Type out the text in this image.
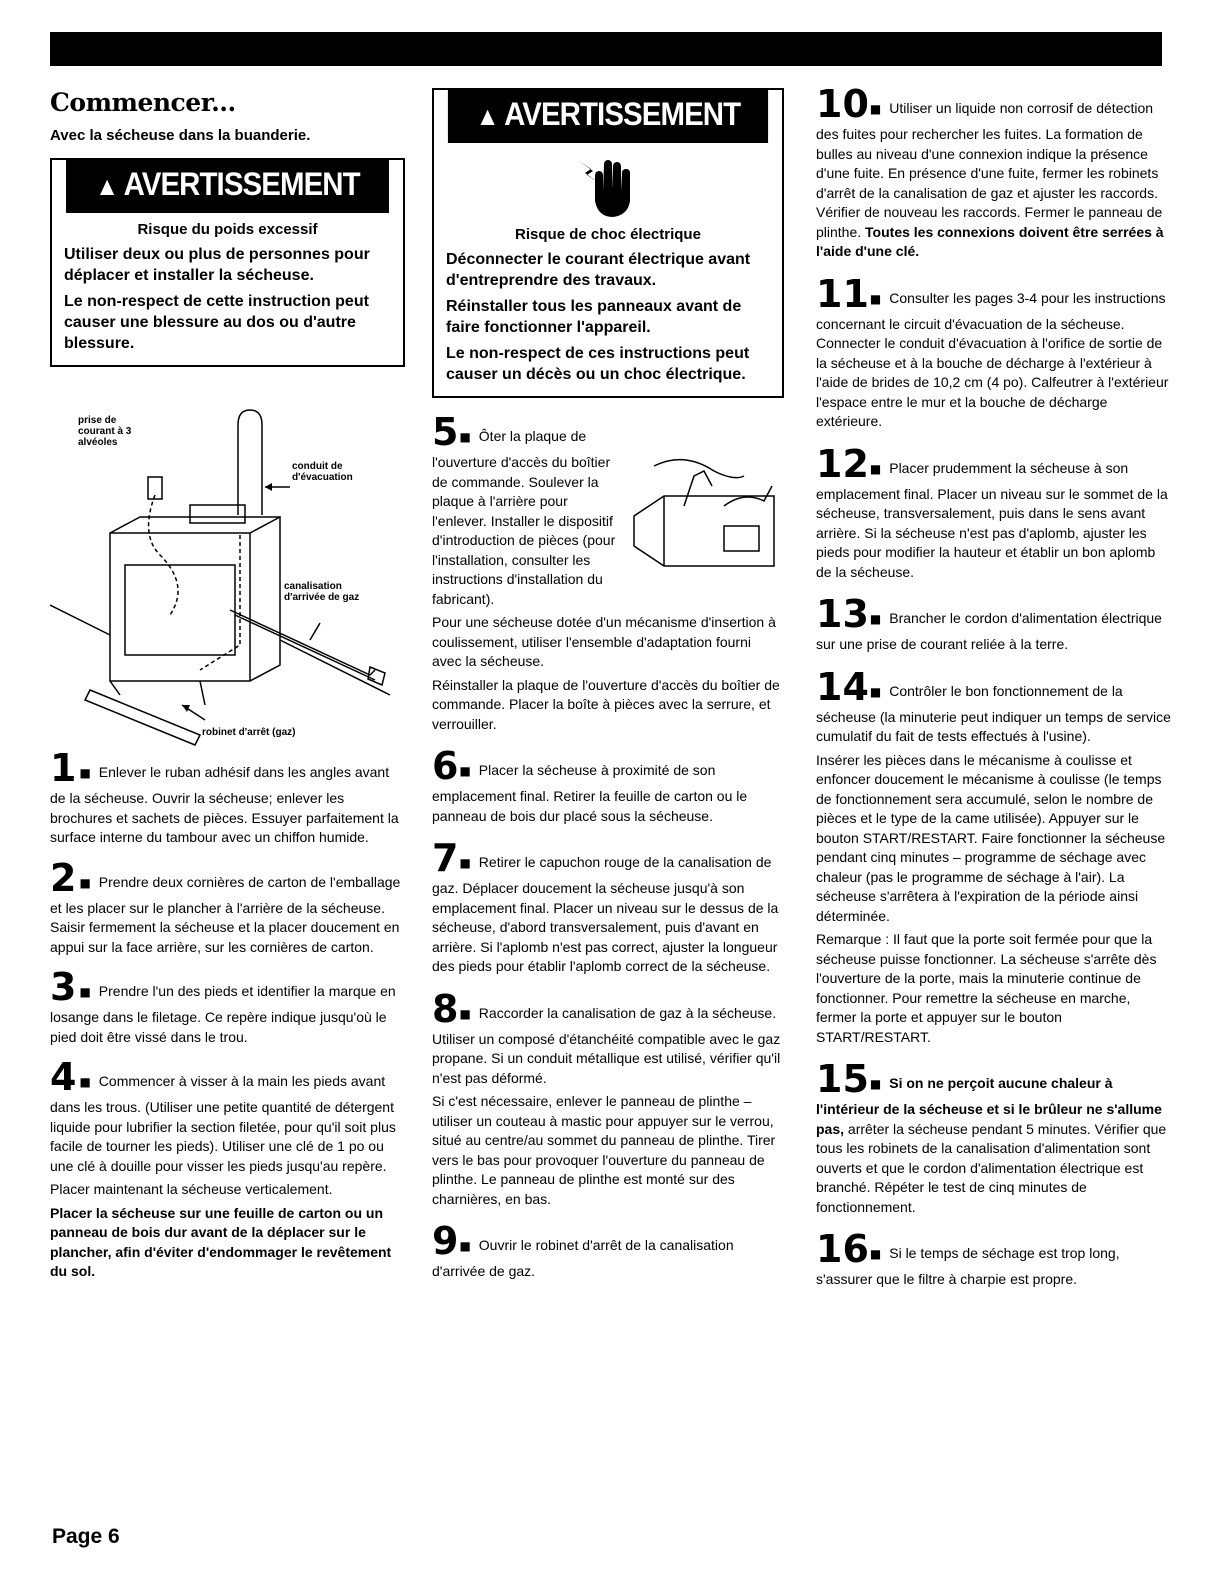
Commencer...
Avec la sécheuse dans la buanderie.
▲ AVERTISSEMENT
Risque du poids excessif
Utiliser deux ou plus de personnes pour déplacer et installer la sécheuse.
Le non-respect de cette instruction peut causer une blessure au dos ou d'autre blessure.
prise de courant à 3 alvéoles
conduit de d'évacuation
canalisation d'arrivée de gaz
robinet d'arrêt (gaz)

1 ■ Enlever le ruban adhésif dans les angles avant de la sécheuse. Ouvrir la sécheuse; enlever les brochures et sachets de pièces. Essuyer parfaitement la surface interne du tambour avec un chiffon humide.

2 ■ Prendre deux cornières de carton de l'emballage et les placer sur le plancher à l'arrière de la sécheuse. Saisir fermement la sécheuse et la placer doucement en appui sur la face arrière, sur les cornières de carton.

3 ■ Prendre l'un des pieds et identifier la marque en losange dans le filetage. Ce repère indique jusqu'où le pied doit être vissé dans le trou.

4 ■ Commencer à visser à la main les pieds avant dans les trous. (Utiliser une petite quantité de détergent liquide pour lubrifier la section filetée, pour qu'il soit plus facile de tourner les pieds). Utiliser une clé de 1 po ou une clé à douille pour visser les pieds jusqu'au repère.

Placer maintenant la sécheuse verticalement.

Placer la sécheuse sur une feuille de carton ou un panneau de bois dur avant de la déplacer sur le plancher, afin d'éviter d'endommager le revêtement du sol.

▲ AVERTISSEMENT
Risque de choc électrique
Déconnecter le courant électrique avant d'entreprendre des travaux.
Réinstaller tous les panneaux avant de faire fonctionner l'appareil.
Le non-respect de ces instructions peut causer un décès ou un choc électrique.

5■ Ôter la plaque de l'ouverture d'accès du boîtier de commande. Soulever la plaque à l'arrière pour l'enlever. Installer le dispositif d'introduction de pièces (pour l'installation, consulter les instructions d'installation du fabricant).

Pour une sécheuse dotée d'un mécanisme d'insertion à coulissement, utiliser l'ensemble d'adaptation fourni avec la sécheuse.

Réinstaller la plaque de l'ouverture d'accès du boîtier de commande. Placer la boîte à pièces avec la serrure, et verrouiller.

6■ Placer la sécheuse à proximité de son emplacement final. Retirer la feuille de carton ou le panneau de bois dur placé sous la sécheuse.

7■ Retirer le capuchon rouge de la canalisation de gaz. Déplacer doucement la sécheuse jusqu'à son emplacement final. Placer un niveau sur le dessus de la sécheuse, d'abord transversalement, puis d'avant en arrière. Si l'aplomb n'est pas correct, ajuster la longueur des pieds pour établir l'aplomb correct de la sécheuse.

8■ Raccorder la canalisation de gaz à la sécheuse. Utiliser un composé d'étanchéité compatible avec le gaz propane. Si un conduit métallique est utilisé, vérifier qu'il n'est pas déformé.

Si c'est nécessaire, enlever le panneau de plinthe – utiliser un couteau à mastic pour appuyer sur le verrou, situé au centre/au sommet du panneau de plinthe. Tirer vers le bas pour provoquer l'ouverture du panneau de plinthe. Le panneau de plinthe est monté sur des charnières, en bas.

9■ Ouvrir le robinet d'arrêt de la canalisation d'arrivée de gaz.

10■ Utiliser un liquide non corrosif de détection des fuites pour rechercher les fuites. La formation de bulles au niveau d'une connexion indique la présence d'une fuite. En présence d'une fuite, fermer les robinets d'arrêt de la canalisation de gaz et ajuster les raccords. Vérifier de nouveau les raccords. Fermer le panneau de plinthe. Toutes les connexions doivent être serrées à l'aide d'une clé.

11■ Consulter les pages 3-4 pour les instructions concernant le circuit d'évacuation de la sécheuse. Connecter le conduit d'évacuation à l'orifice de sortie de la sécheuse et à la bouche de décharge à l'extérieur à l'aide de brides de 10,2 cm (4 po). Calfeutrer à l'extérieur l'espace entre le mur et la bouche de décharge extérieure.

12■ Placer prudemment la sécheuse à son emplacement final. Placer un niveau sur le sommet de la sécheuse, transversalement, puis dans le sens avant arrière. Si la sécheuse n'est pas d'aplomb, ajuster les pieds pour modifier la hauteur et établir un bon aplomb de la sécheuse.

13■ Brancher le cordon d'alimentation électrique sur une prise de courant reliée à la terre.

14■ Contrôler le bon fonctionnement de la sécheuse (la minuterie peut indiquer un temps de service cumulatif du fait de tests effectués à l'usine).

Insérer les pièces dans le mécanisme à coulisse et enfoncer doucement le mécanisme à coulisse (le temps de fonctionnement sera accumulé, selon le nombre de pièces et le type de la came utilisée). Appuyer sur le bouton START/RESTART. Faire fonctionner la sécheuse pendant cinq minutes – programme de séchage avec chaleur (pas le programme de séchage à l'air). La sécheuse s'arrêtera à l'expiration de la période ainsi déterminée.

Remarque : Il faut que la porte soit fermée pour que la sécheuse puisse fonctionner. La sécheuse s'arrête dès l'ouverture de la porte, mais la minuterie continue de fonctionner. Pour remettre la sécheuse en marche, fermer la porte et appuyer sur le bouton START/RESTART.

15■ Si on ne perçoit aucune chaleur à l'intérieur de la sécheuse et si le brûleur ne s'allume pas, arrêter la sécheuse pendant 5 minutes. Vérifier que tous les robinets de la canalisation d'alimentation sont ouverts et que le cordon d'alimentation électrique est branché. Répéter le test de cinq minutes de fonctionnement.

16■ Si le temps de séchage est trop long, s'assurer que le filtre à charpie est propre.

Page 6
